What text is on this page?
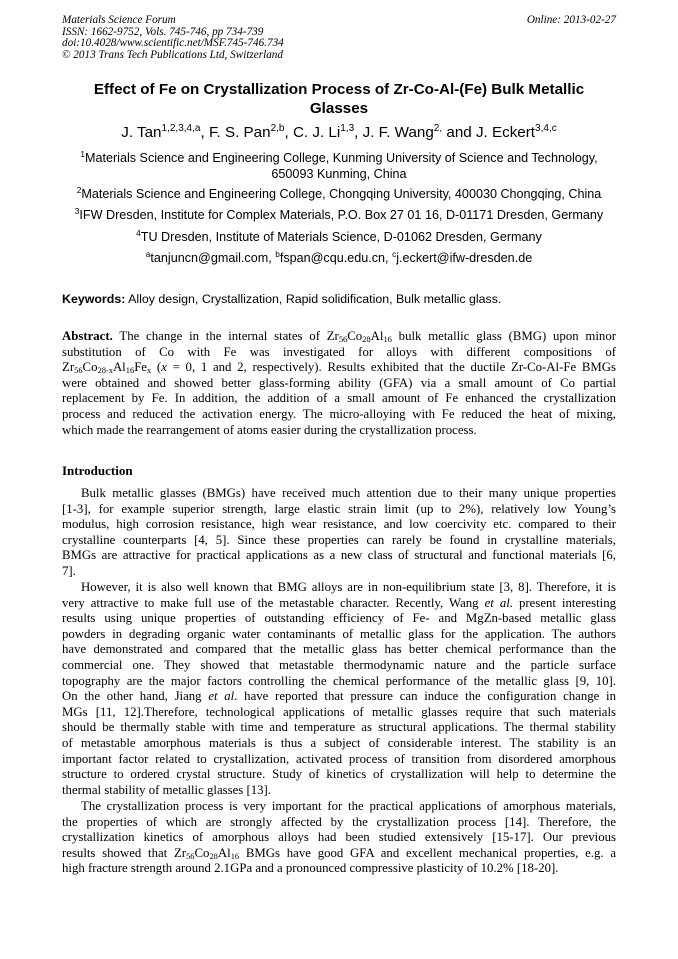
Materials Science Forum
ISSN: 1662-9752, Vols. 745-746, pp 734-739
doi:10.4028/www.scientific.net/MSF.745-746.734
© 2013 Trans Tech Publications Ltd, Switzerland
Online: 2013-02-27
Effect of Fe on Crystallization Process of Zr-Co-Al-(Fe) Bulk Metallic
Glasses
J. Tan$^{1,2,3,4,a}$, F. S. Pan$^{2,b}$, C. J. Li$^{1,3}$, J. F. Wang$^{2,}$ and J. Eckert$^{3,4,c}$
$^1$Materials Science and Engineering College, Kunming University of Science and Technology,
650093 Kunming, China
$^2$Materials Science and Engineering College, Chongqing University, 400030 Chongqing, China
$^3$IFW Dresden, Institute for Complex Materials, P.O. Box 27 01 16, D-01171 Dresden, Germany
$^4$TU Dresden, Institute of Materials Science, D-01062 Dresden, Germany
$^a$tanjuncn@gmail.com, $^b$fspan@cqu.edu.cn, $^c$j.eckert@ifw-dresden.de
Keywords: Alloy design, Crystallization, Rapid solidification, Bulk metallic glass.
Abstract. The change in the internal states of $Zr_{56}Co_{28}Al_{16}$ bulk metallic glass (BMG) upon minor
substitution of Co with Fe was investigated for alloys with different compositions of
$Zr_{56}Co_{28-x}Al_{16}Fe_x$ (x = 0, 1 and 2, respectively). Results exhibited that the ductile Zr-Co-Al-Fe BMGs
were obtained and showed better glass-forming ability (GFA) via a small amount of Co partial
replacement by Fe. In addition, the addition of a small amount of Fe enhanced the crystallization
process and reduced the activation energy. The micro-alloying with Fe reduced the heat of mixing,
which made the rearrangement of atoms easier during the crystallization process.
Introduction
Bulk metallic glasses (BMGs) have received much attention due to their many unique properties
[1-3], for example superior strength, large elastic strain limit (up to 2%), relatively low Young’s
modulus, high corrosion resistance, high wear resistance, and low coercivity etc. compared to their
crystalline counterparts [4, 5]. Since these properties can rarely be found in crystalline materials,
BMGs are attractive for practical applications as a new class of structural and functional materials [6,
7].
However, it is also well known that BMG alloys are in non-equilibrium state [3, 8]. Therefore, it is
very attractive to make full use of the metastable character. Recently, Wang et al. present interesting
results using unique properties of outstanding efficiency of Fe- and MgZn-based metallic glass
powders in degrading organic water contaminants of metallic glass for the application. The authors
have demonstrated and compared that the metallic glass has better chemical performance than the
commercial one. They showed that metastable thermodynamic nature and the particle surface
topography are the major factors controlling the chemical performance of the metallic glass [9, 10].
On the other hand, Jiang et al. have reported that pressure can induce the configuration change in
MGs [11, 12].Therefore, technological applications of metallic glasses require that such materials
should be thermally stable with time and temperature as structural applications. The thermal stability
of metastable amorphous materials is thus a subject of considerable interest. The stability is an
important factor related to crystallization, activated process of transition from disordered amorphous
structure to ordered crystal structure. Study of kinetics of crystallization will help to determine the
thermal stability of metallic glasses [13].
The crystallization process is very important for the practical applications of amorphous materials,
the properties of which are strongly affected by the crystallization process [14]. Therefore, the
crystallization kinetics of amorphous alloys had been studied extensively [15-17]. Our previous
results showed that $Zr_{56}Co_{28}Al_{16}$ BMGs have good GFA and excellent mechanical properties, e.g. a
high fracture strength around 2.1GPa and a pronounced compressive plasticity of 10.2% [18-20].
